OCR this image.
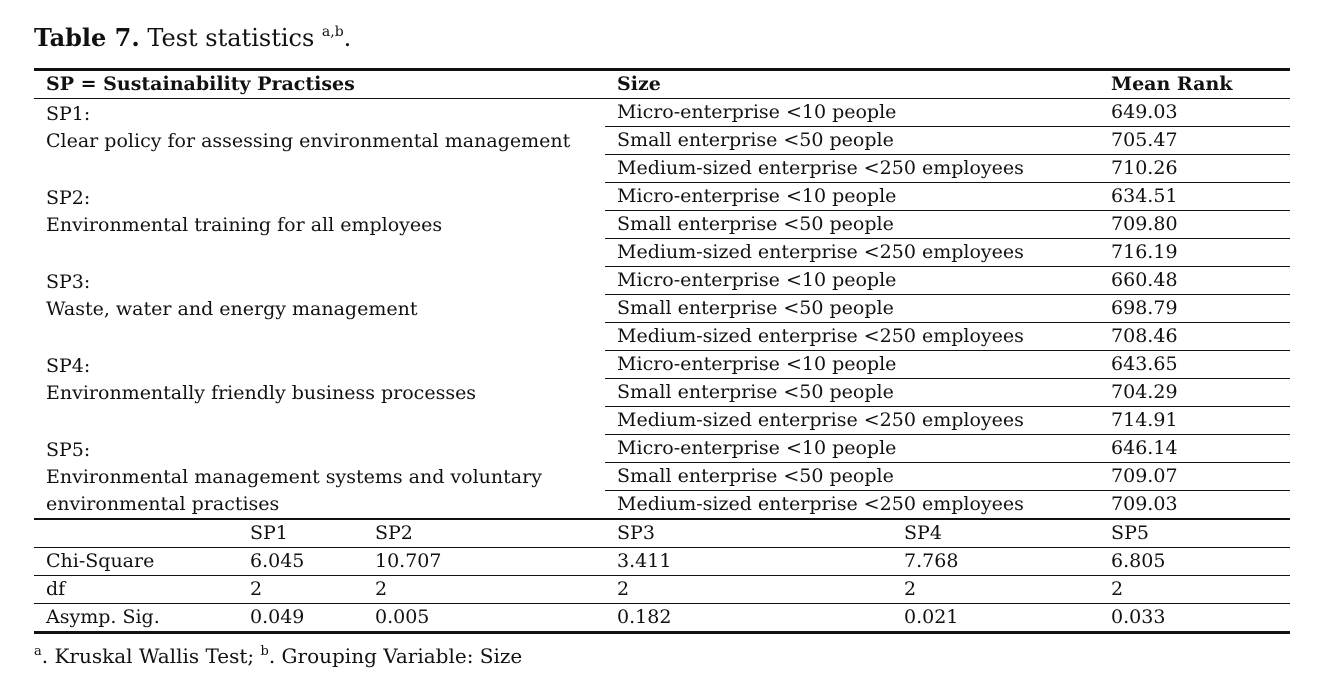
Table 7. Test statistics $^{a,b}$.
SP = Sustainability Practises			Size		Mean Rank

SP1:
Clear policy for assessing environmental management			Micro-enterprise <10 people		649.03
			Small enterprise <50 people		705.47
			Medium-sized enterprise <250 employees		710.26

SP2:
Environmental training for all employees			Micro-enterprise <10 people		634.51
			Small enterprise <50 people		709.80
			Medium-sized enterprise <250 employees		716.19

SP3:
Waste, water and energy management			Micro-enterprise <10 people		660.48
			Small enterprise <50 people		698.79
			Medium-sized enterprise <250 employees		708.46

SP4:
Environmentally friendly business processes			Micro-enterprise <10 people		643.65
			Small enterprise <50 people		704.29
			Medium-sized enterprise <250 employees		714.91

SP5:
Environmental management systems and voluntary environmental practises			Micro-enterprise <10 people		646.14
			Small enterprise <50 people		709.07
			Medium-sized enterprise <250 employees		709.03
	SP1	SP2	SP3	SP4	SP5
Chi-Square	6.045	10.707	3.411	7.768	6.805
df	2	2	2	2	2
Asymp. Sig.	0.049	0.005	0.182	0.021	0.033
$^a$. Kruskal Wallis Test; $^b$. Grouping Variable: Size
